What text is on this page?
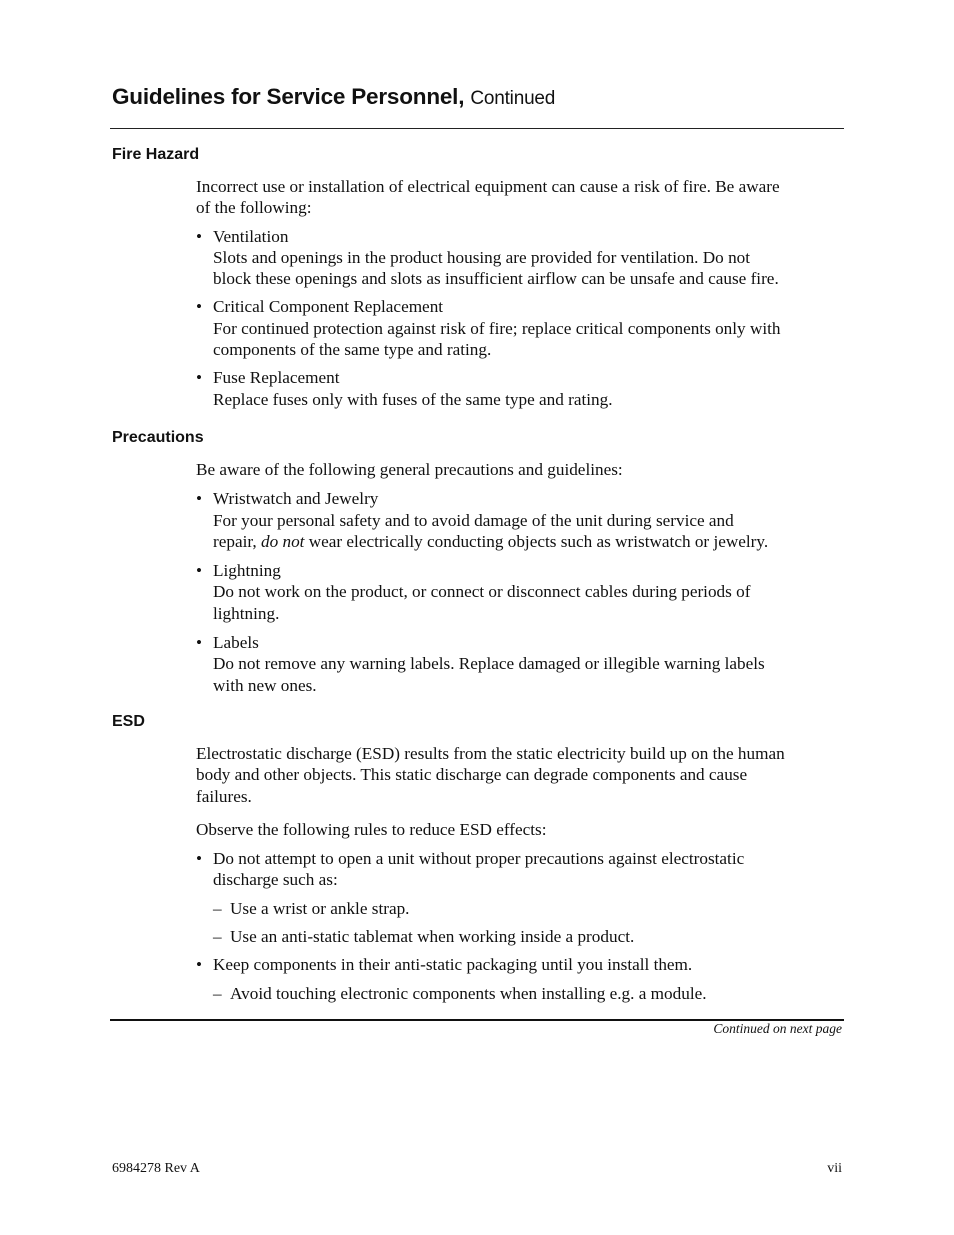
Guidelines for Service Personnel, Continued
Fire Hazard

Incorrect use or installation of electrical equipment can cause a risk of fire. Be aware
of the following:

• Ventilation
Slots and openings in the product housing are provided for ventilation. Do not
block these openings and slots as insufficient airflow can be unsafe and cause fire.
• Critical Component Replacement
For continued protection against risk of fire; replace critical components only with
components of the same type and rating.
• Fuse Replacement
Replace fuses only with fuses of the same type and rating.
Precautions

Be aware of the following general precautions and guidelines:

• Wristwatch and Jewelry
For your personal safety and to avoid damage of the unit during service and
repair, do not wear electrically conducting objects such as wristwatch or jewelry.
• Lightning
Do not work on the product, or connect or disconnect cables during periods of
lightning.
• Labels
Do not remove any warning labels. Replace damaged or illegible warning labels
with new ones.
ESD

Electrostatic discharge (ESD) results from the static electricity build up on the human
body and other objects. This static discharge can degrade components and cause
failures.

Observe the following rules to reduce ESD effects:

• Do not attempt to open a unit without proper precautions against electrostatic
discharge such as:
– Use a wrist or ankle strap.
– Use an anti-static tablemat when working inside a product.
• Keep components in their anti-static packaging until you install them.
– Avoid touching electronic components when installing e.g. a module.
Continued on next page
6984278 Rev A	vii
